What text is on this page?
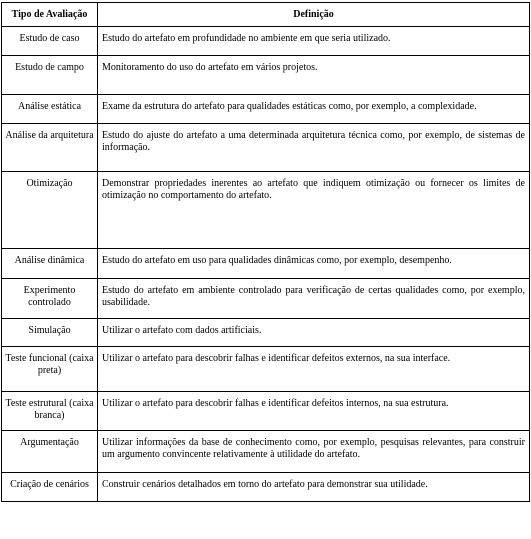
Tipo de Avaliação	Definição
Estudo de caso	Estudo do artefato em profundidade no ambiente em que seria utilizado.
Estudo de campo	Monitoramento do uso do artefato em vários projetos.
Análise estática	Exame da estrutura do artefato para qualidades estáticas como, por exemplo, a complexidade.
Análise da arquitetura	Estudo do ajuste do artefato a uma determinada arquitetura técnica como, por exemplo, de sistemas de informação.
Otimização	Demonstrar propriedades inerentes ao artefato que indiquem otimização ou fornecer os limites de otimização no comportamento do artefato.
Análise dinâmica	Estudo do artefato em uso para qualidades dinâmicas como, por exemplo, desempenho.
Experimento controlado	Estudo do artefato em ambiente controlado para verificação de certas qualidades como, por exemplo, usabilidade.
Simulação	Utilizar o artefato com dados artificiais.
Teste funcional (caixa preta)	Utilizar o artefato para descobrir falhas e identificar defeitos externos, na sua interface.
Teste estrutural (caixa branca)	Utilizar o artefato para descobrir falhas e identificar defeitos internos, na sua estrutura.
Argumentação	Utilizar informações da base de conhecimento como, por exemplo, pesquisas relevantes, para construir um argumento convincente relativamente à utilidade do artefato.
Criação de cenários	Construir cenários detalhados em torno do artefato para demonstrar sua utilidade.
